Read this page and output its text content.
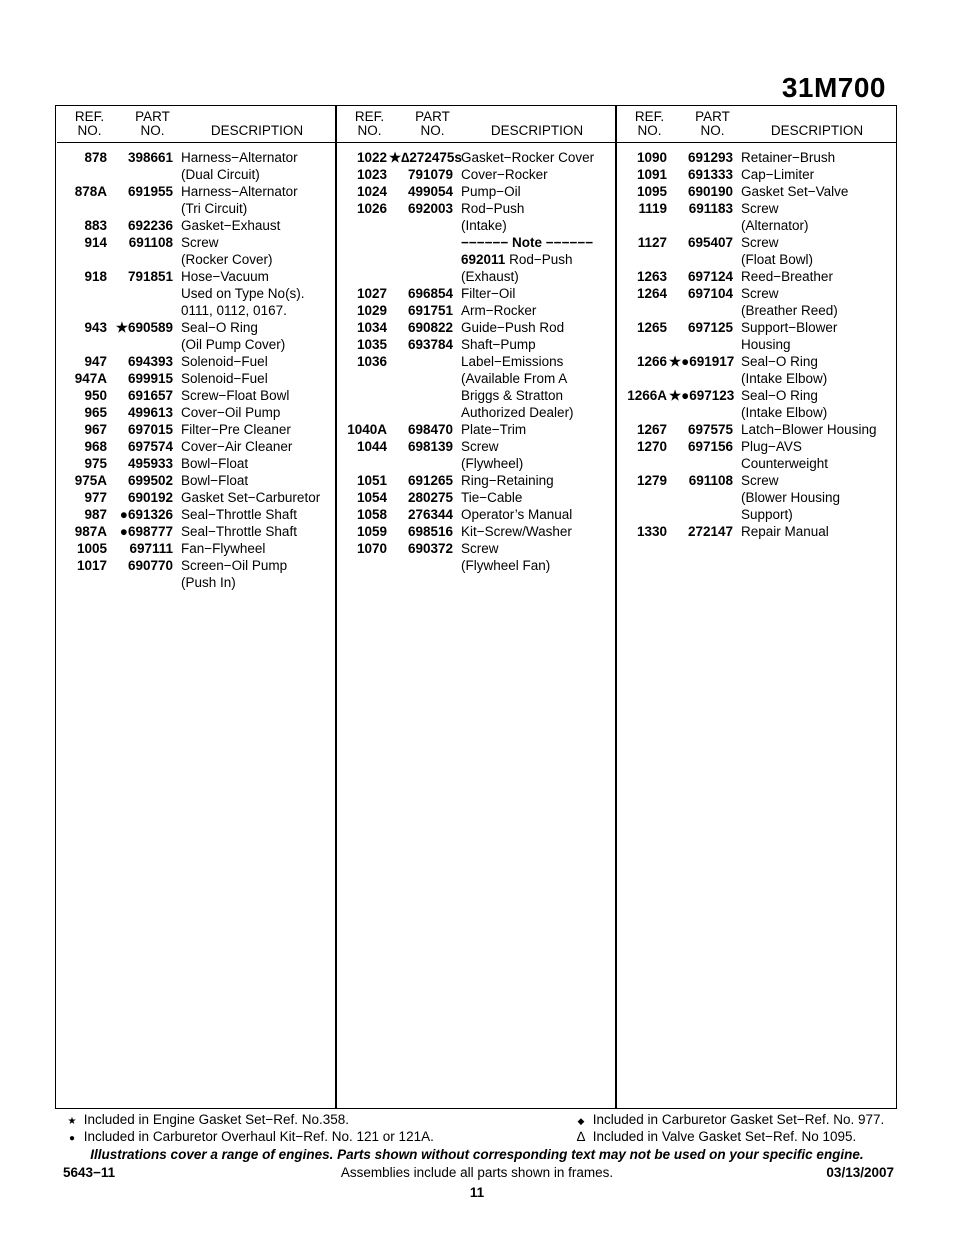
31M700
REF.
NO.
PART
NO.	DESCRIPTION
878	398661 Harness−Alternator
(Dual Circuit)
878A	691955 Harness−Alternator
(Tri Circuit)
883	692236 Gasket−Exhaust
914	691108 Screw
(Rocker Cover)
918	791851 Hose−Vacuum
Used on Type No(s).
0111, 0112, 0167.
943 ★690589 Seal−O Ring
(Oil Pump Cover)
947	694393 Solenoid−Fuel
947A	699915 Solenoid−Fuel
950	691657 Screw−Float Bowl
965	499613 Cover−Oil Pump
967	697015 Filter−Pre Cleaner
968	697574 Cover−Air Cleaner
975	495933 Bowl−Float
975A	699502 Bowl−Float
977	690192 Gasket Set−Carburetor
987 ●691326 Seal−Throttle Shaft
987A ●698777 Seal−Throttle Shaft
1005	697111 Fan−Flywheel
1017	690770 Screen−Oil Pump
(Push In)
REF.
NO.
PART
NO.	DESCRIPTION
1022 ★∆272475s Gasket−Rocker Cover
1023	791079 Cover−Rocker
1024	499054 Pump−Oil
1026	692003 Rod−Push
(Intake)
−−−−−− Note −−−−−−
692011 Rod−Push
(Exhaust)
1027	696854 Filter−Oil
1029	691751 Arm−Rocker
1034	690822 Guide−Push Rod
1035	693784 Shaft−Pump
1036	Label−Emissions
(Available From A
Briggs & Stratton
Authorized Dealer)
1040A	698470 Plate−Trim
1044	698139 Screw
(Flywheel)
1051	691265 Ring−Retaining
1054	280275 Tie−Cable
1058	276344 Operator’s Manual
1059	698516 Kit−Screw/Washer
1070	690372 Screw
(Flywheel Fan)
REF.
NO.
PART
NO.	DESCRIPTION
1090	691293 Retainer−Brush
1091	691333 Cap−Limiter
1095	690190 Gasket Set−Valve
1119	691183 Screw
(Alternator)
1127	695407 Screw
(Float Bowl)
1263	697124 Reed−Breather
1264	697104 Screw
(Breather Reed)
1265	697125 Support−Blower
Housing
1266 ★●691917 Seal−O Ring
(Intake Elbow)
1266A ★●697123 Seal−O Ring
(Intake Elbow)
1267	697575 Latch−Blower Housing
1270	697156 Plug−AVS
Counterweight
1279	691108 Screw
(Blower Housing
Support)
1330	272147 Repair Manual
★ Included in Engine Gasket Set−Ref. No.358.
● Included in Carburetor Overhaul Kit−Ref. No. 121 or 121A.
◆ Included in Carburetor Gasket Set−Ref. No. 977.
∆ Included in Valve Gasket Set−Ref. No 1095.
Illustrations cover a range of engines. Parts shown without corresponding text may not be used on your specific engine.
5643−11	Assemblies include all parts shown in frames.	03/13/2007
11
